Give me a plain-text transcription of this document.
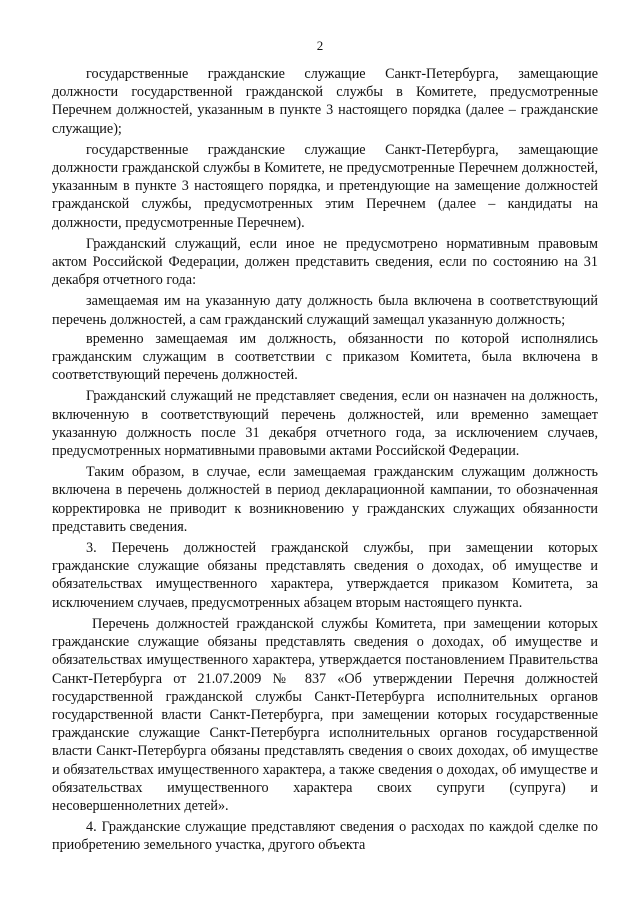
2

государственные гражданские служащие Санкт-Петербурга, замещающие должности государственной гражданской службы в Комитете, предусмотренные Перечнем должностей, указанным в пункте 3 настоящего порядка (далее – гражданские служащие);

государственные гражданские служащие Санкт-Петербурга, замещающие должности гражданской службы в Комитете, не предусмотренные Перечнем должностей, указанным в пункте 3 настоящего порядка, и претендующие на замещение должностей гражданской службы, предусмотренных этим Перечнем (далее – кандидаты на должности, предусмотренные Перечнем).

Гражданский служащий, если иное не предусмотрено нормативным правовым актом Российской Федерации, должен представить сведения, если по состоянию на 31 декабря отчетного года:

замещаемая им на указанную дату должность была включена в соответствующий перечень должностей, а сам гражданский служащий замещал указанную должность;

временно замещаемая им должность, обязанности по которой исполнялись гражданским служащим в соответствии с приказом Комитета, была включена в соответствующий перечень должностей.

Гражданский служащий не представляет сведения, если он назначен на должность, включенную в соответствующий перечень должностей, или временно замещает указанную должность после 31 декабря отчетного года, за исключением случаев, предусмотренных нормативными правовыми актами Российской Федерации.

Таким образом, в случае, если замещаемая гражданским служащим должность включена в перечень должностей в период декларационной кампании, то обозначенная корректировка не приводит к возникновению у гражданских служащих обязанности представить сведения.

3. Перечень должностей гражданской службы, при замещении которых гражданские служащие обязаны представлять сведения о доходах, об имуществе и обязательствах имущественного характера, утверждается приказом Комитета, за исключением случаев, предусмотренных абзацем вторым настоящего пункта.

Перечень должностей гражданской службы Комитета, при замещении которых гражданские служащие обязаны представлять сведения о доходах, об имуществе и обязательствах имущественного характера, утверждается постановлением Правительства Санкт-Петербурга от 21.07.2009 № 837 «Об утверждении Перечня должностей государственной гражданской службы Санкт-Петербурга исполнительных органов государственной власти Санкт-Петербурга, при замещении которых государственные гражданские служащие Санкт-Петербурга исполнительных органов государственной власти Санкт-Петербурга обязаны представлять сведения о своих доходах, об имуществе и обязательствах имущественного характера, а также сведения о доходах, об имуществе и обязательствах имущественного характера своих супруги (супруга) и несовершеннолетних детей».

4. Гражданские служащие представляют сведения о расходах по каждой сделке по приобретению земельного участка, другого объекта
